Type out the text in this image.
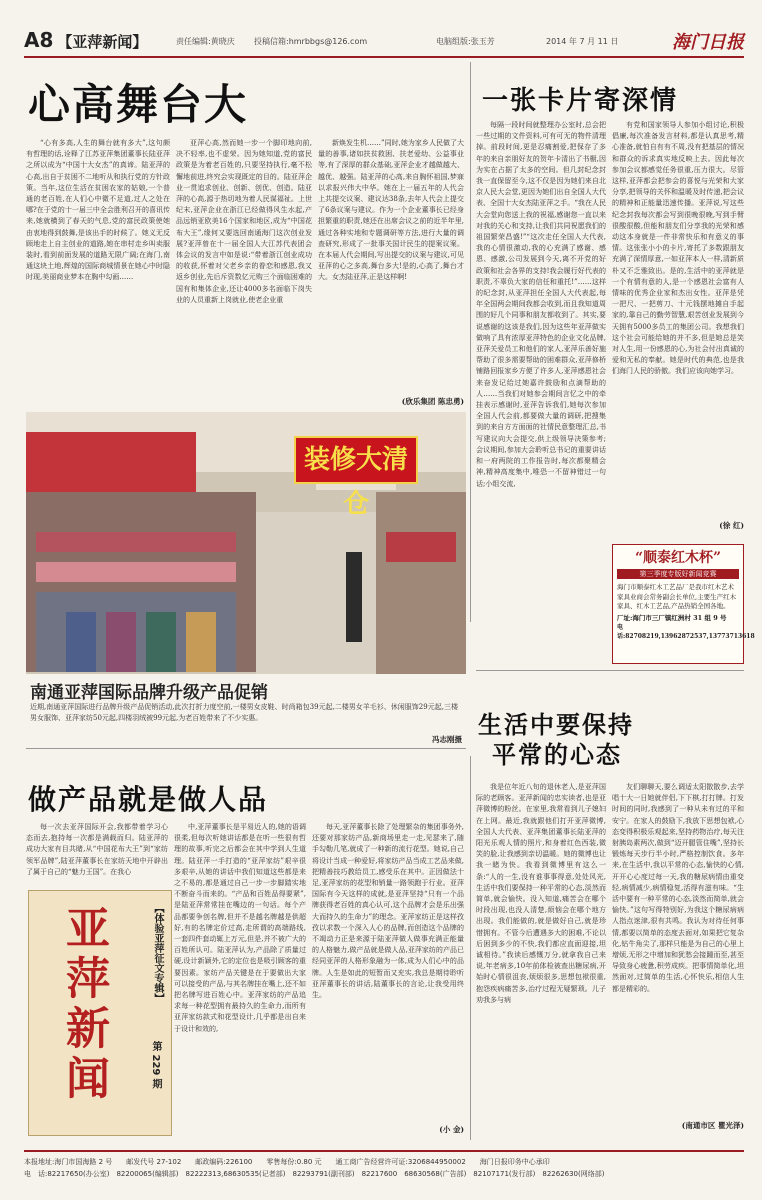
A8 【亚萍新闻】	责任编辑:黄晓庆 投稿信箱:hmrbbgs@126.com	电脑组版:张玉芳	2014 年 7 月 11 日	海门日报
心高舞台大

“心有多高,人生的舞台就有多大”,这句颇有哲理的话,诠释了江苏亚萍集团董事长陆亚萍之所以成为“中国十大女杰”的真谛。陆亚萍的心高,出自于贫困不二地听从和执行党的方针政策。当年,这位生活在贫困农家的姑娘,一个普通的老百姓,在人们心中微不足道,过人之处在哪?在于党的十一届三中全会胜利召开的喜讯传来,她就横到了春天的气息,党的富民政策使她由衷地得到鼓舞,是该出手的时候了。她义无反顾地走上自主创业的道路,她在串村走乡叫卖服装时,看到前面发展的道路无限广阔;在海门,南通这块土地,辉煌的国际商城情景在她心中时隐时现,美丽商业梦本在胸中勾画……

亚萍心高,然而她一步一个脚印地向前,决不轻率,也不虚荣。因为她知道,党的富民政策是为着老百姓的,只要坚持执行,毫不松懈地前进,终究会实现既定的目的。陆亚萍企业一贯追求创业、创新、创优、创造。陆亚萍的心高,源于热切地为着人民谋福祉。上世纪末,亚萍企业在浙江已经做得风生水起,产品远销亚欧美16个国家和地区,成为“中国花布大王”,缘何又要选回南通海门这次创业发展?亚萍曾在十一届全国人大江苏代表团会体会议的发言中如是说:“带着浙江创业成功的收获,怀着对父老乡亲的眷恋和感恩,我又返乡创业,先后斥资数亿元购三个面临困难的国有和集体企业,还让4000多名面临下岗失业的人员重新上岗就业,使老企业重

新焕发生机……”同时,她为家乡人民做了大量的善事,诸如扶贫救困、扶老爱幼、公益事业等,有了深厚的群众基础,亚萍企业才越做越大、越优、越强。陆亚萍的心高,来自胸怀祖国,梦寐以求报兴伟大中华。她在上一届五年的人代会上共提交议案、建议达38条,去年人代会上提交了6条议案与建议。作为一个企业董事长已经身担繁重的职责,她还在出席会议之前的近半年里,通过各种实地和专题调研等方法,进行大量的调查研究,形成了一批事关国计民生的提案议案。在本届人代会期间,写出提交的议案与建议,可见亚萍的心之多高,舞台多大!是的,心高了,舞台才大。女杰陆亚萍,正是这样啊!

(欣乐集团 陈忠勇)
装修大清仓
南通亚萍国际品牌升级产品促销
近期,南通亚萍国际进行品牌升级产品促销活动,此次打折力度空前,一楼男女皮鞋、时尚箱包39元起,二楼男女羊毛衫、休闲服饰29元起,三楼男女服饰、亚萍家纺50元起,四楼羽绒被99元起,为老百姓带来了不少实惠。
冯志刚摄
一张卡片寄深情

每隔一段时间就整理办公室时,总会把一些过期的文件资料,可有可无的物件清理掉。前段时间,更是忍痛割爱,把保存了多年的来自亲朋好友的贺年卡清出了书橱,因为实在占据了太多的空间。但几封纪念封我一直保留至今,这不仅是因为她们来自北京人民大会堂,更因为她们出自全国人大代表、全国十大女杰陆亚萍之手。“我在人民大会堂向您送上我的祝福,感谢您一直以来对我的关心和支持,让我们共同祝愿我们的祖国繁荣昌盛!”“这次走任全国人大代表,我的心情很激动,我的心充满了感谢、感恩、感激,公司发展到今天,离不开党的好政策和社会各界的支持!我会履行好代表的职责,不辜负大家的信任和重托!”……这样的纪念封,从亚萍担任全国人大代表起,每年全国两会期间我都会收到,而且我知道周围的好几个同事和朋友都收到了。其实,要说感谢的这该是我们,因为这些年亚萍做实做响了具有浓厚亚萍特色的企业文化品牌,亚萍关爱员工和他们的家人,亚萍乐善好施帮助了很多需要帮助的困难群众,亚萍修桥铺路回报家乡方便了许多人,亚萍感恩社会来奋发记给过她嘉许鼓励和点滴帮助的人……当我们对她参会期间言忆之中的牵挂表示感谢时,亚萍告诉我们,她每次参加全国人代会前,都要做大量的调研,把搜集到的来自方方面面的社情民意整理汇总,书写建议向大会提交,供上级领导决策参考;会议期间,参加大会聆听总书记的重要讲话和一府两院的工作报告时,每次都聚精会神,精神高度集中,唯恐一不留神错过一句话;小组交流,

有党和国家领导人参加小组讨论,积极倡廉,每次准备发言材料,都是认真思考,精心准备,就怕自有有不周,没有把基层的情况和群众的诉求真实地反映上去。因此每次参加会议都感觉任务很重,压力很大。尽管这样,亚萍都会把参会的喜悦与光荣和大家分享,把领导的关怀和温暖及时传递,把会议的精神和正能量迅速传播。亚萍说,写这些纪念封我每次都会写到很晚很晚,写到手臂很酸很酸,但能和朋友们分享我的光荣和感动这本身就是一件非常快乐和有意义的事情。这张张小小的卡片,寄托了多数跟朋友充满了深情厚意,一如亚萍本人一样,清新质朴又不乏雅致出。是的,生活中的亚萍就是一个有情有意的人,是一个感恩社会富有人情味的优秀企业家和杰出女性。亚萍是凭一把尺、一把剪刀、十元钱摆地摊自手起家的,靠自己的勤劳智慧,艰苦创业发展到今天拥有5000多员工的集团公司。我想我们这个社会可能给她的并不多,但是她总是笑对人生,用一份感恩的心,为社会付出真诚的爱和无私的奉献。她是时代的典范,也是我们海门人民的骄傲。我们应该向她学习。

(徐 红)
“顺泰红木杯”
第三季度专版好新闻竞赛
海门市顺泰红木工艺品厂是我市红木艺术家具业商会常务副会长单位,主要生产红木家具、红木工艺品,产品热销全国各地。
厂址:海门市三厂镇红洲村 31 组 9 号
电话:82708219,13962872537,13773713618
生活中要保持
平常的心态

我是位年近八旬的退休老人,是亚萍国际的老顾客。亚萍新闻的忠实读者,也是亚萍微博的粉丝。在家里,我常看到儿子媳妇在上网。最近,我就跟他们打开亚萍微博,全国人大代表、亚萍集团董事长陆亚萍的阳光乐观人情的照片,和身着红色西装,微笑的脸,让我感到亲切温暖。她的微博也让我一睹为快。我看到微博里有这么一条:“人的一生,没有谁事事得意,处处风光,生活中我们要保持一种平常的心态,淡然而简单,就会愉快。没入知道,痛苦会在哪个时段出现,也没人清楚,烦恼会在哪个地方出现。我们能做的,就是做好自己,就是珍惜拥有。不管今后遭遇多大的困难,不论以后困到多少的不快,我们都应直面迎接,坦诚相待。”我读后感慨万分,就拿我自己来说,年老病多,10年前体检被查出糖尿病,开始时心情很沮丧,烦烦很多,思想包袱很重,抱怨疾病痛苦多,治疗过程无疑繁琐。儿子劝我多与病

友们聊聊天,要么调适太阳散散步,去学唱十大一日她就伴侣,下下棋,打打牌。打发时间的同时,我感到了一种从未有过的平和安宁。在家人的鼓励下,我放下思想包袱,心态变得积极乐观起来,坚持药物治疗,每天注射胰岛素两次,做到“迈开腿管住嘴”,坚持长锻炼每天步行半小时,严格控制饮食。多年来,在生活中,我以平常的心态,愉快的心情,开开心心度过每一天,我的糖尿病情由重变轻,病情减少,病情稳复,活得有滋有味。“生活中要有一种平常的心态,淡然而简单,就会愉快。”这句写得特别好,为我这个糖尿病病人指点迷津,很有共鸣。我认为对待任何事情,都要以简单的态度去面对,如果把它复杂化,钻牛角尖了,那样只能是为自己的心里上增烦,无形之中增加和犹愁会接踵而至,甚至导致身心疲惫,积劳成疾。把事情简单化,坦然面对,过简单的生活,心怀快乐,相信人生都是精彩的。

(南通市区 瞿光泽)
做产品就是做人品

每一次去亚萍国际开会,我都带着学习心态而去,抱持每一次都是满载而归。陆亚萍的成功大家有目共睹,从“中国花布大王”到“家纺领军品牌”,陆亚萍董事长在家纺天地中开辟出了属于自己的“魅力王国”。在我心

中,亚萍董事长是平易近人的,她的语调很柔,但每次听她讲话都是在听一些很有哲理的故事,听完之后都会在其中学到人生道理。陆亚萍一手打造的“亚萍家纺”艰辛很多艰辛,从她的讲话中我们知道这些都是来之不易的,都是通过自己一步一步脚踏实地不断奋斗而来的。“产品和百姓品得要紧”,是陆亚萍常常挂在嘴边的一句话。每个产品都要争创名牌,但并不是越名牌越是供超好,有的名牌定价过高,走所谓的高端路线,一套四件套动辄上万元,但是,并不被广大的百姓所认可。陆亚萍认为,产品除了质量过硬,设计新颖外,它的定位也是吸引顾客的重要因素。家纺产品关键是在于要做出大家可以接受的产品,与其名牌挂在嘴上,还不如把名牌写进百姓心中。亚萍家纺的产品追求每一种花型拥有最持久的生命力,而所有亚萍家纺款式和花型设计,几乎都是出自来于设计和效的,

每天,亚萍董事长除了处理繁杂的集团事务外,还要对那家纺产品,新商场里走一走,见瑟来了,随手勾勒几笔,就成了一种新的流行花型。她说,自己将设计当成一种爱好,将家纺产品当成工艺品来做,把精善技巧教给员工,感受乐在其中。正因做法十足,亚萍家纺的花型和销量一路领跑于行业。亚萍国际有今天这样的成就,是亚萍坚持“只有一个品牌获得老百姓的真心认可,这个品牌才会是乐出强大而持久的生命力”的理念。亚萍家纺正是这样孜孜以求数一个深入人心的品牌,而创造这个品牌的不竭动力正是来源于陆亚萍做人做事充满正能量的人格魅力,做产品就是做人品,亚萍家纺的产品已经同亚萍的人格形象融为一体,成为人们心中的品牌。人生是如此的短暂而又充实,我总是期待聆听亚萍董事长的讲话,陆董事长的言论,让我受用终生。

(小 金)
亚萍新闻	【体验亚萍征文专辑】
第 229 期
本报地址:海门市国海路 2 号　　邮发代号 27-102　　邮政编码:226100　　零售每份:0.80 元　　通工商广告经营许可证:3206844950002　　海门日报印务中心承印
电　话:82217650(办公室)　82200065(编辑部)　82222313,68630535(记者部)　82293791(副刊部)　82217600　68630568(广告部)　82107171(发行部)　82262630(网络部)
